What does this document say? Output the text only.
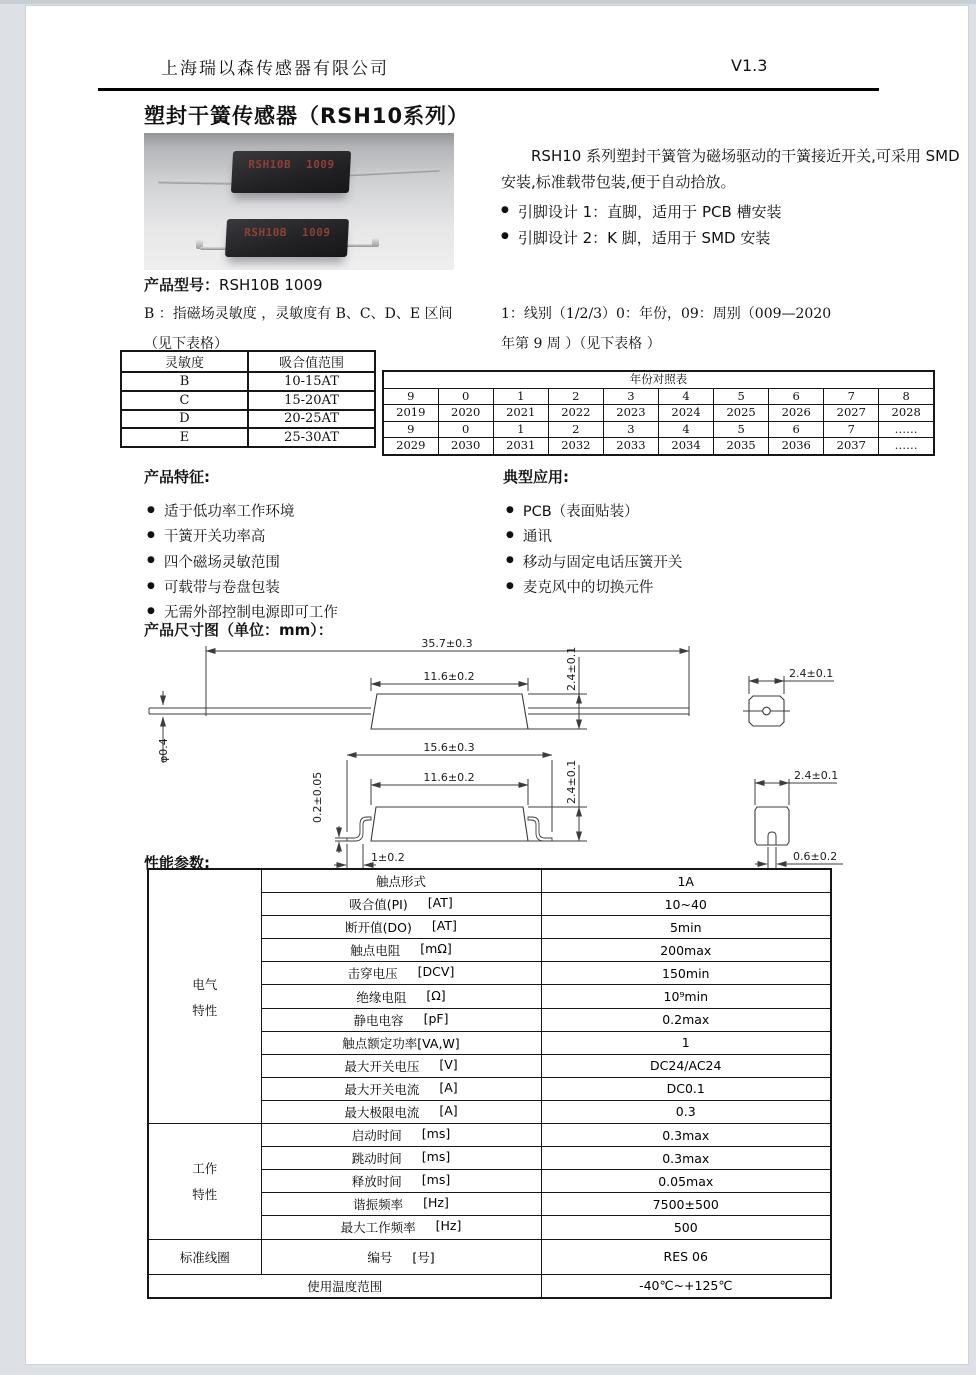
上海瑞以森传感器有限公司	V1.3
塑封干簧传感器（RSH10系列）
RSH10B 1009
RSH10B 1009
RSH10 系列塑封干簧管为磁场驱动的干簧接近开关,可采用 SMD 安装,标准载带包装,便于自动拾放。
● 引脚设计 1：直脚，适用于 PCB 槽安装
● 引脚设计 2：K 脚，适用于 SMD 安装
产品型号：RSH10B 1009
B ：指磁场灵敏度 ，灵敏度有 B、C、D、E 区间
（见下表格）
1：线别（1/2/3）0：年份，09：周别（009—2020
年第 9 周 ）（见下表格 ）
灵敏度	吸合值范围
B	10-15AT
C	15-20AT
D	20-25AT
E	25-30AT
年份对照表									
9	0	1	2	3	4	5	6	7	8
2019	2020	2021	2022	2023	2024	2025	2026	2027	2028
9	0	1	2	3	4	5	6	7	……
2029	2030	2031	2032	2033	2034	2035	2036	2037	……
产品特征:
● 适于低功率工作环境
● 干簧开关功率高
● 四个磁场灵敏范围
● 可载带与卷盘包装
● 无需外部控制电源即可工作
典型应用:
● PCB（表面贴装）
● 通讯
● 移动与固定电话压簧开关
● 麦克风中的切换元件
产品尺寸图（单位：mm）：
35.7±0.3
11.6±0.2	2.4±0.1
φ0.4
2.4±0.1
15.6±0.3
11.6±0.2	2.4±0.1
0.2±0.05
1±0.2
2.4±0.1
0.6±0.2
性能参数:
电气
特性	触点形式	1A

	吸合值(PI) [AT]	10~40

	断开值(DO) [AT]	5min

	触点电阻 [mΩ]	200max

	击穿电压 [DCV]	150min

	绝缘电阻 [Ω]	10⁹min

	静电电容 [pF]	0.2max

	触点额定功率[VA,W]	1

	最大开关电压 [V]	DC24/AC24

	最大开关电流 [A]	DC0.1

	最大极限电流 [A]	0.3

工作
特性

启动时间 [ms]	0.3max

	跳动时间 [ms]	0.3max

	释放时间 [ms]	0.05max

	谐振频率 [Hz]	7500±500

	最大工作频率 [Hz]	500

标准线圈	编号 [号]	RES 06
使用温度范围		-40℃~+125℃
